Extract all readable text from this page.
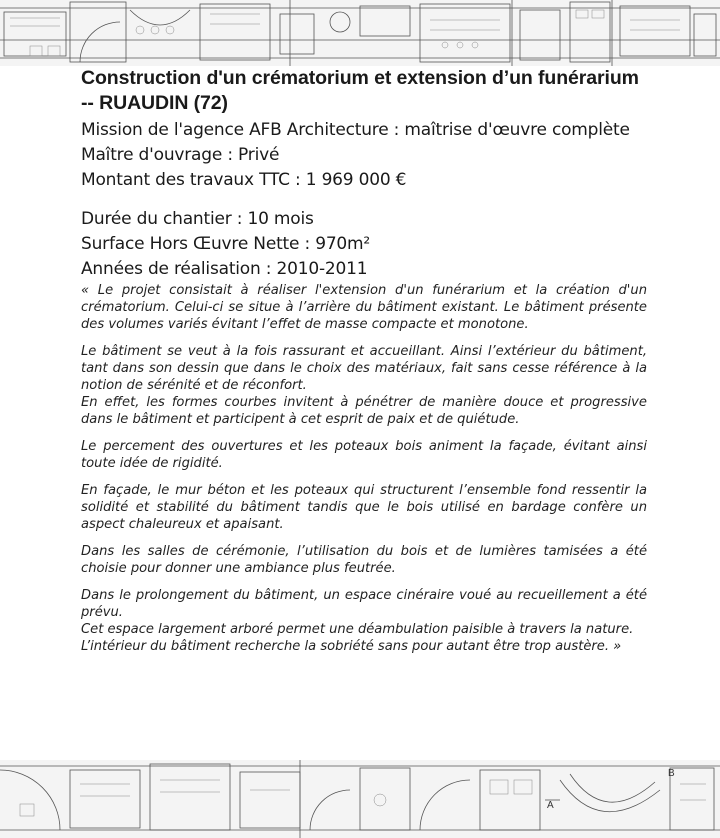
Construction d'un crématorium et extension d’un funérarium -- RUAUDIN (72)

Mission de l'agence AFB Architecture : maîtrise d'œuvre complète

Maître d'ouvrage : Privé

Montant des travaux TTC : 1 969 000 €

Durée du chantier : 10 mois

Surface Hors Œuvre Nette : 970m²

Années de réalisation : 2010-2011

« Le projet consistait à réaliser l'extension d'un funérarium et la création d'un crématorium. Celui-ci se situe à l’arrière du bâtiment existant. Le bâtiment présente des volumes variés évitant l’effet de masse compacte et monotone.

Le bâtiment se veut à la fois rassurant et accueillant. Ainsi l’extérieur du bâtiment, tant dans son dessin que dans le choix des matériaux, fait sans cesse référence à la notion de sérénité et de réconfort.

En effet, les formes courbes invitent à pénétrer de manière douce et progressive dans le bâtiment et participent à cet esprit de paix et de quiétude.

Le percement des ouvertures et les poteaux bois animent la façade, évitant ainsi toute idée de rigidité.

En façade, le mur béton et les poteaux qui structurent l’ensemble fond ressentir la solidité et stabilité du bâtiment tandis que le bois utilisé en bardage confère un aspect chaleureux et apaisant.

Dans les salles de cérémonie, l’utilisation du bois et de lumières tamisées a été choisie pour donner une ambiance plus feutrée.

Dans le prolongement du bâtiment, un espace cinéraire voué au recueillement a été prévu.

Cet espace largement arboré permet une déambulation paisible à travers la nature.

L’intérieur du bâtiment recherche la sobriété sans pour autant être trop austère. »

A
B
